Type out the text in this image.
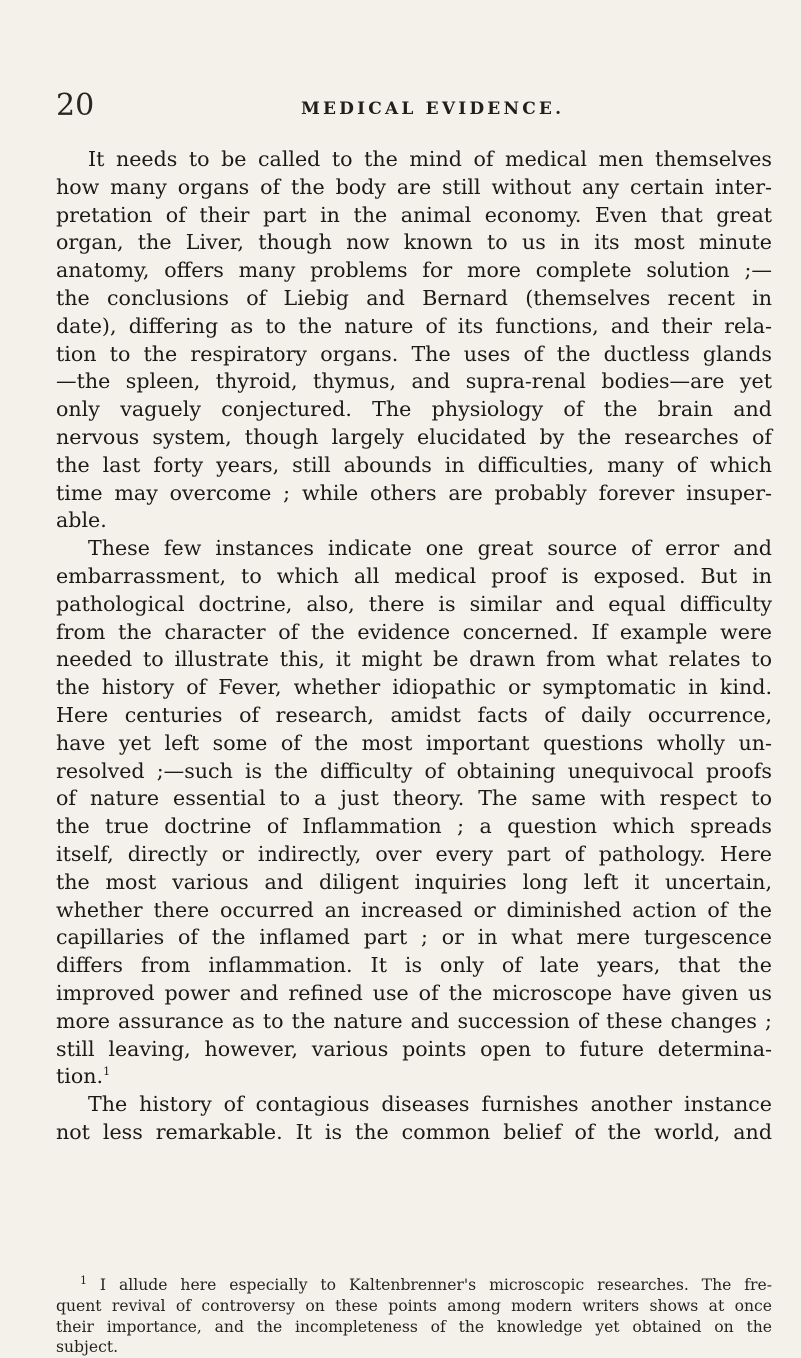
20	MEDICAL EVIDENCE.
It needs to be called to the mind of medical men themselves
how many organs of the body are still without any certain inter-
pretation of their part in the animal economy. Even that great
organ, the Liver, though now known to us in its most minute
anatomy, offers many problems for more complete solution ;—
the conclusions of Liebig and Bernard (themselves recent in
date), differing as to the nature of its functions, and their rela-
tion to the respiratory organs. The uses of the ductless glands
—the spleen, thyroid, thymus, and supra-renal bodies—are yet
only vaguely conjectured. The physiology of the brain and
nervous system, though largely elucidated by the researches of
the last forty years, still abounds in difficulties, many of which
time may overcome ; while others are probably forever insuper-
able.
These few instances indicate one great source of error and
embarrassment, to which all medical proof is exposed. But in
pathological doctrine, also, there is similar and equal difficulty
from the character of the evidence concerned. If example were
needed to illustrate this, it might be drawn from what relates to
the history of Fever, whether idiopathic or symptomatic in kind.
Here centuries of research, amidst facts of daily occurrence,
have yet left some of the most important questions wholly un-
resolved ;—such is the difficulty of obtaining unequivocal proofs
of nature essential to a just theory. The same with respect to
the true doctrine of Inflammation ; a question which spreads
itself, directly or indirectly, over every part of pathology. Here
the most various and diligent inquiries long left it uncertain,
whether there occurred an increased or diminished action of the
capillaries of the inflamed part ; or in what mere turgescence
differs from inflammation. It is only of late years, that the
improved power and refined use of the microscope have given us
more assurance as to the nature and succession of these changes ;
still leaving, however, various points open to future determina-
tion.$^1$
The history of contagious diseases furnishes another instance
not less remarkable. It is the common belief of the world, and
$^1$ I allude here especially to Kaltenbrenner's microscopic researches. The fre-
quent revival of controversy on these points among modern writers shows at once
their importance, and the incompleteness of the knowledge yet obtained on the
subject.
